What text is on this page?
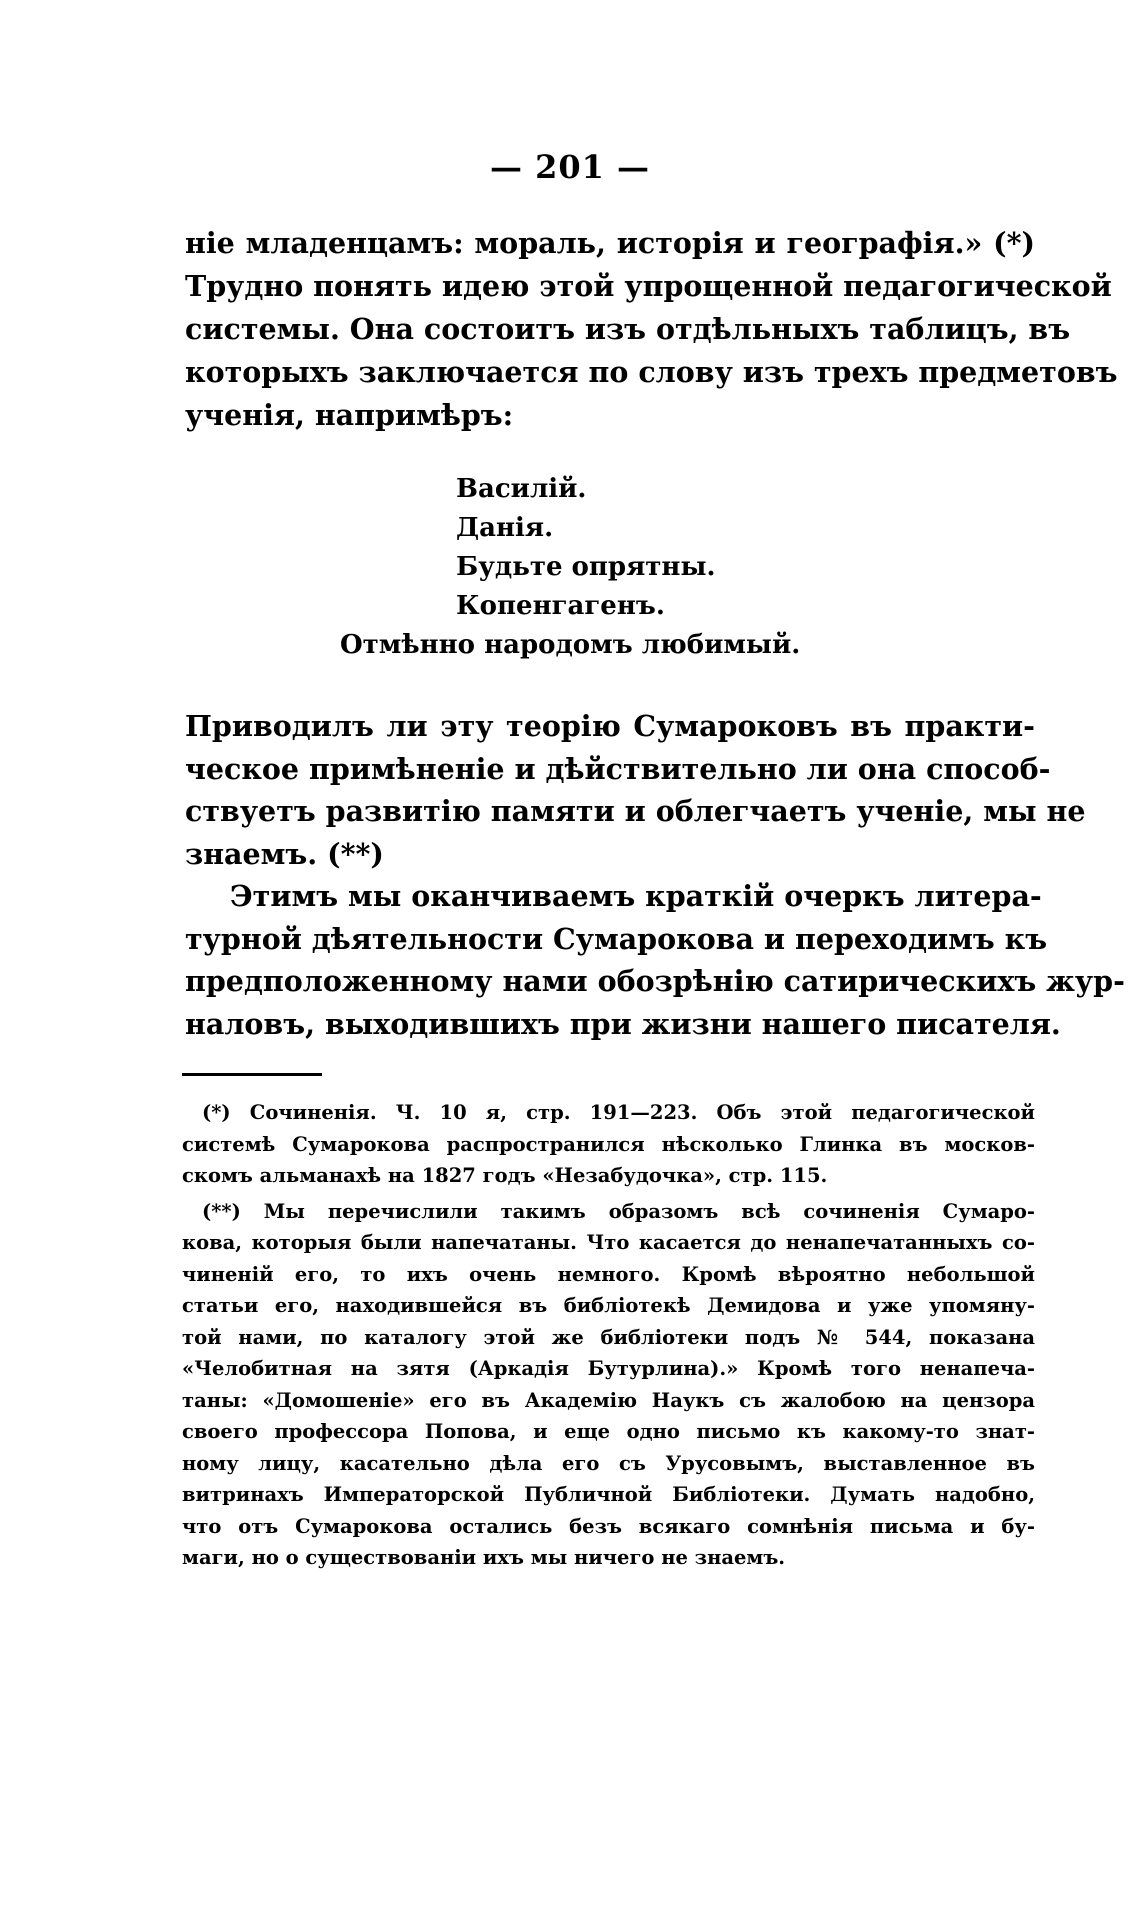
— 201 —
ніе младенцамъ: мораль, исторія и географія.» (*)
Трудно понять идею этой упрощенной педагогической
системы. Она состоитъ изъ отдѣльныхъ таблицъ, въ
которыхъ заключается по слову изъ трехъ предметовъ
ученія, напримѣръ:
Василій.
Данія.
Будьте опрятны.
Копенгагенъ.
Отмѣнно народомъ любимый.
Приводилъ ли эту теорію Сумароковъ въ практи-
ческое примѣненіе и дѣйствительно ли она способ-
ствуетъ развитію памяти и облегчаетъ ученіе, мы не
знаемъ. (**)
Этимъ мы оканчиваемъ краткій очеркъ литера-
турной дѣятельности Сумарокова и переходимъ къ
предположенному нами обозрѣнію сатирическихъ жур-
наловъ, выходившихъ при жизни нашего писателя.
(*) Сочиненія. Ч. 10 я, стр. 191—223. Объ этой педагогической
системѣ Сумарокова распространился нѣсколько Глинка въ москов-
скомъ альманахѣ на 1827 годъ «Незабудочка», стр. 115.
(**) Мы перечислили такимъ образомъ всѣ сочиненія Сумаро-
кова, которыя были напечатаны. Что касается до ненапечатанныхъ со-
чиненій его, то ихъ очень немного. Кромѣ вѣроятно небольшой
статьи его, находившейся въ библіотекѣ Демидова и уже упомяну-
той нами, по каталогу этой же библіотеки подъ № 544, показана
«Челобитная на зятя (Аркадія Бутурлина).» Кромѣ того ненапеча-
таны: «Домошеніе» его въ Академію Наукъ съ жалобою на цензора
своего профессора Попова, и еще одно письмо къ какому-то знат-
ному лицу, касательно дѣла его съ Урусовымъ, выставленное въ
витринахъ Императорской Публичной Библіотеки. Думать надобно,
что отъ Сумарокова остались безъ всякаго сомнѣнія письма и бу-
маги, но о существованіи ихъ мы ничего не знаемъ.
